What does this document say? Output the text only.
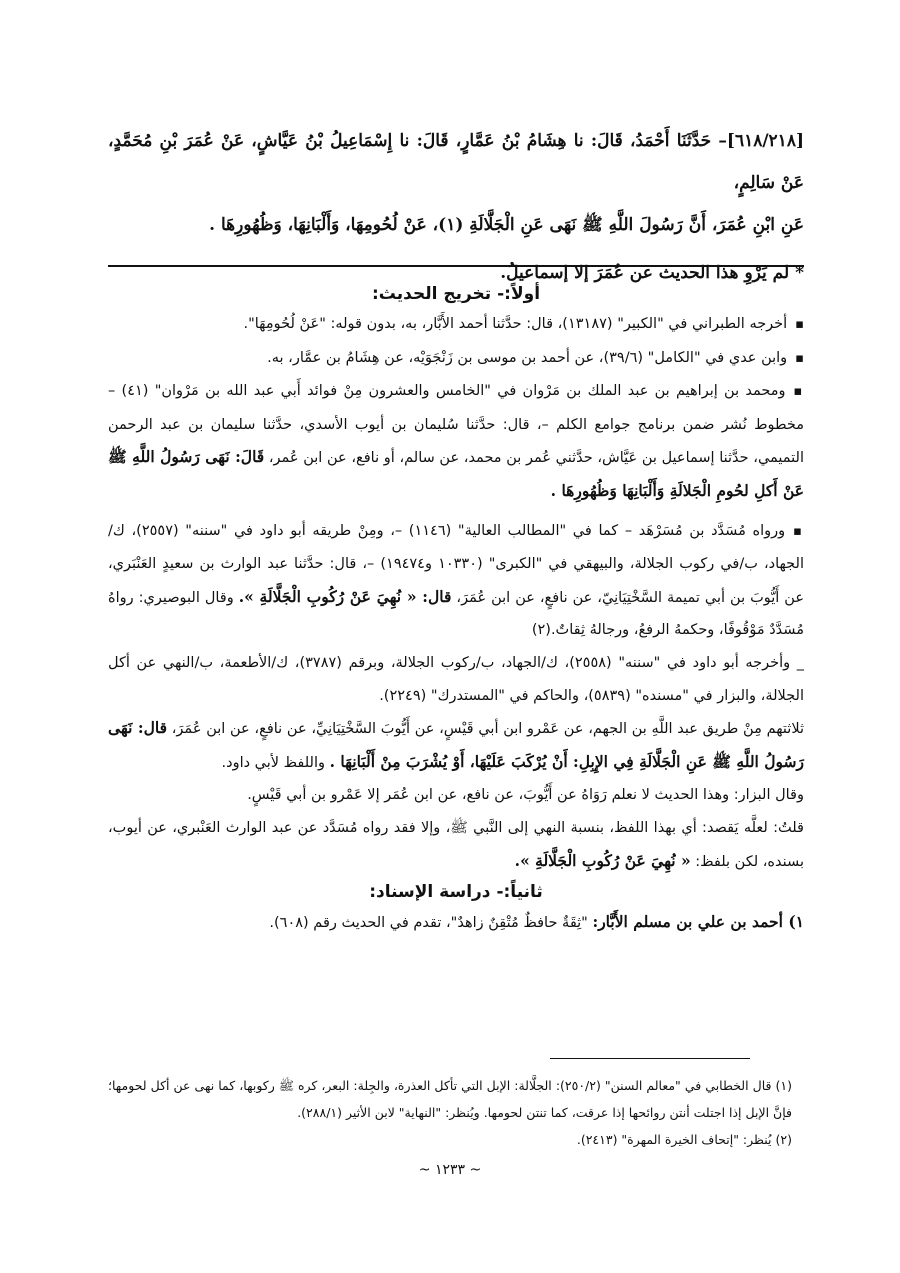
[٦١٨/٢١٨]– حَدَّثَنَا أَحْمَدُ، قَالَ: نا هِشَامُ بْنُ عَمَّارٍ، قَالَ: نا إِسْمَاعِيلُ بْنُ عَيَّاشٍ، عَنْ عُمَرَ بْنِ مُحَمَّدٍ، عَنْ سَالِمٍ،

عَنِ ابْنِ عُمَرَ، أَنَّ رَسُولَ اللَّهِ ﷺ نَهَى عَنِ الْجَلَّالَةِ (١)، عَنْ لُحُومِهَا، وَأَلْبَانِهَا، وَظُهُورِهَا .

* لم يَرْوِ هذا الحديث عن عُمَرَ إلا إسماعيلُ.

أولاً:- تخريج الحديث:

▪ أخرجه الطبراني في "الكبير" (١٣١٨٧)، قال: حدَّثنا أحمد الأَبَّار، به، بدون قوله: "عَنْ لُحُومِهَا".

▪ وابن عدي في "الكامل" (٣٩/٦)، عن أحمد بن موسى بن زَنْجَوَيْه، عن هِشَامُ بن عمَّار، به.

▪ ومحمد بن إبراهيم بن عبد الملك بن مَرْوان في "الخامس والعشرون مِنْ فوائد أَبي عبد الله بن مَرْوان" (٤١) – مخطوط نُشر ضمن برنامج جوامع الكلم –، قال: حدَّثنا سُليمان بن أيوب الأسدي، حدَّثنا سليمان بن عبد الرحمن التميمي، حدَّثنا إسماعيل بن عَيَّاش، حدَّثني عُمر بن محمد، عن سالم، أو نافع، عن ابن عُمر، قَالَ: نَهَى رَسُولُ اللَّهِ ﷺ عَنْ أَكلِ لحُومِ الْجَلالَةِ وَأَلْبَانِهَا وَظُهُورِهَا .

▪ ورواه مُسَدَّد بن مُسَرْهَد – كما في "المطالب العالية" (١١٤٦) –، ومِنْ طريقه أبو داود في "سننه" (٢٥٥٧)، ك/الجهاد، ب/في ركوب الجلالة، والبيهقي في "الكبرى" (١٠٣٣٠ و١٩٤٧٤) –، قال: حدَّثنا عبد الوارث بن سعيدٍ العَنْبَري، عن أَيُّوبَ بن أبي تميمة السَّخْتِيَانِيّ، عن نافعٍ، عن ابن عُمَرَ، قال: « نُهِيَ عَنْ رُكُوبِ الْجَلَّالَةِ ». وقال البوصيري: رواهُ مُسَدَّدٌ مَوْقُوفًا، وحكمهُ الرفعُ، ورجالهُ ثِقاتٌ.(٢)

_ وأخرجه أبو داود في "سننه" (٢٥٥٨)، ك/الجهاد، ب/ركوب الجلالة، وبرقم (٣٧٨٧)، ك/الأطعمة، ب/النهي عن أكل الجلالة، والبزار في "مسنده" (٥٨٣٩)، والحاكم في "المستدرك" (٢٢٤٩).

ثلاثتهم مِنْ طريق عبد اللَّهِ بن الجهم، عن عَمْرو ابن أبي قَيْسٍ، عن أَيُّوبَ السَّخْتِيَانِيِّ، عن نافعٍ، عن ابن عُمَرَ، قال: نَهَى رَسُولُ اللَّهِ ﷺ عَنِ الْجَلَّالَةِ فِي الإِبِلِ: أَنْ يُرْكَبَ عَلَيْهَا، أَوْ يُشْرَبَ مِنْ أَلْبَانِهَا . واللفظ لأبي داود.

وقال البزار: وهذا الحديث لا نعلم رَوَاهُ عن أَيُّوبَ، عن نافع، عن ابن عُمَر إلا عَمْرو بن أبي قَيْسٍ.

قلتُ: لعلَّه يَقصد: أي بهذا اللفظ، بنسبة النهي إلى النَّبي ﷺ، وإلا فقد رواه مُسَدَّد عن عبد الوارث العَنْبري، عن أيوب، بسنده، لكن بلفظ: « نُهِيَ عَنْ رُكُوبِ الْجَلَّالَةِ ».

ثانياً:- دراسة الإسناد:

١) أحمد بن علي بن مسلم الأَبَّار: "ثِقَةٌ حافظٌ مُتْقِنٌ زاهدٌ"، تقدم في الحديث رقم (٦٠٨).

(١) قال الخطابي في "معالم السنن" (٢٥٠/٢): الجلَّالة: الإبل التي تأكل العذرة، والجِلة: البعر، كره ﷺ ركوبها، كما نهى عن أكل لحومها؛ فإنَّ الإبل إذا اجتلت أنتن روائحها إذا عرقت، كما تنتن لحومها. ويُنظر: "النهاية" لابن الأثير (٢٨٨/١).

(٢) يُنظر: "إتحاف الخيرة المهرة" (٢٤١٣).

~ ١٢٣٣ ~
